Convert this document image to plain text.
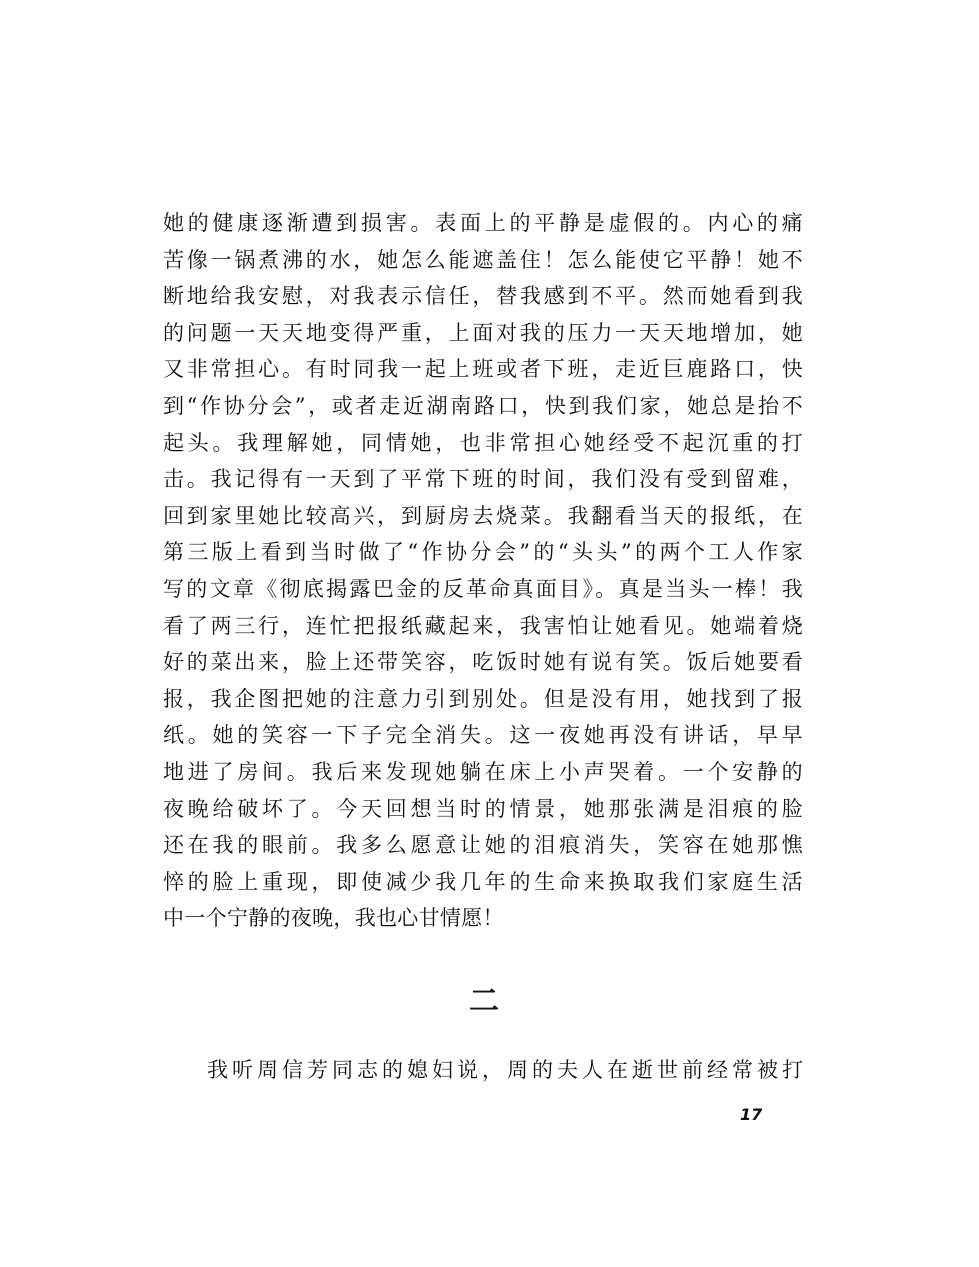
她的健康逐渐遭到损害。表面上的平静是虚假的。内心的痛
苦像一锅煮沸的水，她怎么能遮盖住！怎么能使它平静！她不
断地给我安慰，对我表示信任，替我感到不平。然而她看到我
的问题一天天地变得严重，上面对我的压力一天天地增加，她
又非常担心。有时同我一起上班或者下班，走近巨鹿路口，快
到“作协分会”，或者走近湖南路口，快到我们家，她总是抬不
起头。我理解她，同情她，也非常担心她经受不起沉重的打
击。我记得有一天到了平常下班的时间，我们没有受到留难，
回到家里她比较高兴，到厨房去烧菜。我翻看当天的报纸，在
第三版上看到当时做了“作协分会”的“头头”的两个工人作家
写的文章《彻底揭露巴金的反革命真面目》。真是当头一棒！我
看了两三行，连忙把报纸藏起来，我害怕让她看见。她端着烧
好的菜出来，脸上还带笑容，吃饭时她有说有笑。饭后她要看
报，我企图把她的注意力引到别处。但是没有用，她找到了报
纸。她的笑容一下子完全消失。这一夜她再没有讲话，早早
地进了房间。我后来发现她躺在床上小声哭着。一个安静的
夜晚给破坏了。今天回想当时的情景，她那张满是泪痕的脸
还在我的眼前。我多么愿意让她的泪痕消失，笑容在她那憔
悴的脸上重现，即使减少我几年的生命来换取我们家庭生活
中一个宁静的夜晚，我也心甘情愿！
二
我听周信芳同志的媳妇说，周的夫人在逝世前经常被打
17
